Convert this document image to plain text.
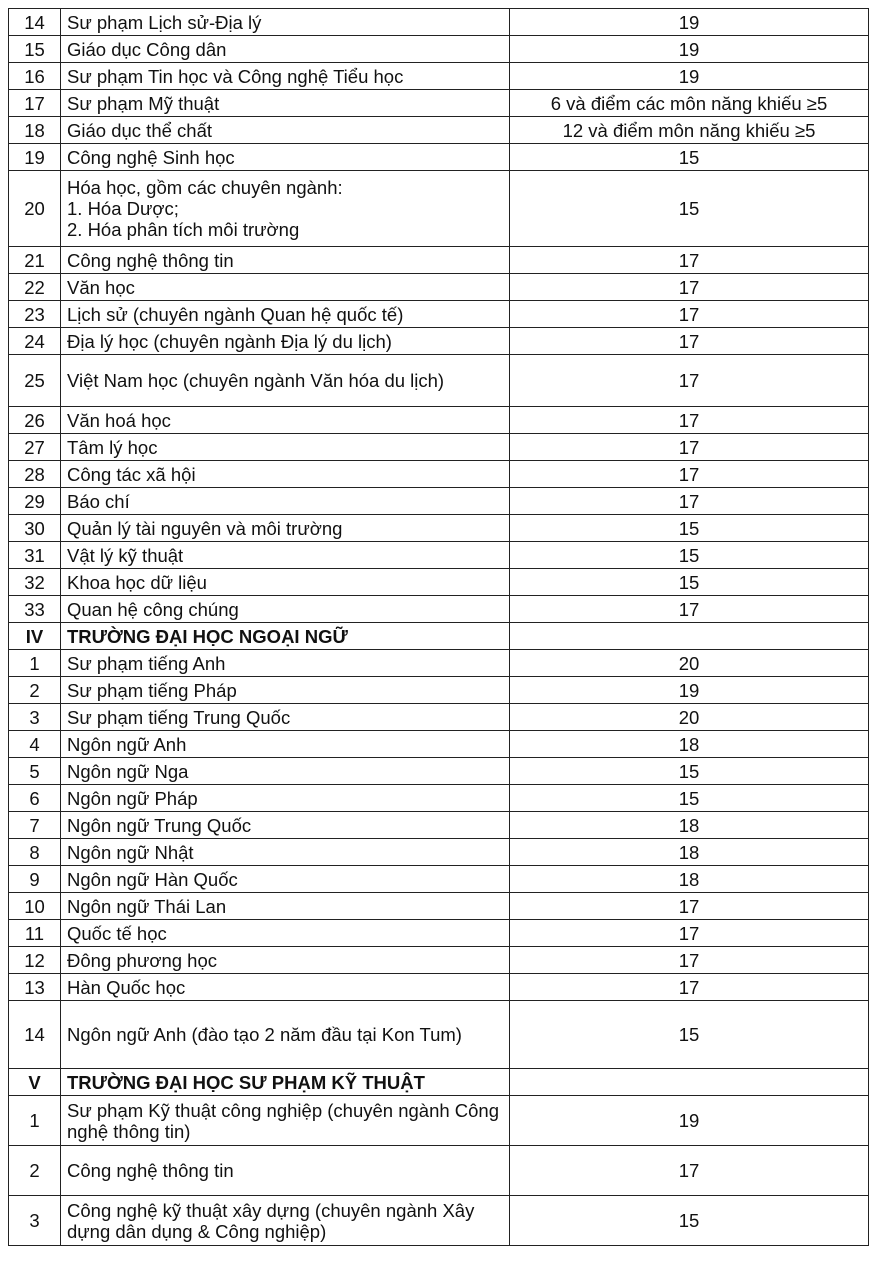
14	Sư phạm Lịch sử-Địa lý	19
15	Giáo dục Công dân	19
16	Sư phạm Tin học và Công nghệ Tiểu học	19
17	Sư phạm Mỹ thuật	6 và điểm các môn năng khiếu ≥5
18	Giáo dục thể chất	12 và điểm môn năng khiếu ≥5
19	Công nghệ Sinh học	15
20	Hóa học, gồm các chuyên ngành:
1. Hóa Dược;
2. Hóa phân tích môi trường	15
21	Công nghệ thông tin	17
22	Văn học	17
23	Lịch sử (chuyên ngành Quan hệ quốc tế)	17
24	Địa lý học (chuyên ngành Địa lý du lịch)	17
25	Việt Nam học (chuyên ngành Văn hóa du lịch)	17
26	Văn hoá học	17
27	Tâm lý học	17
28	Công tác xã hội	17
29	Báo chí	17
30	Quản lý tài nguyên và môi trường	15
31	Vật lý kỹ thuật	15
32	Khoa học dữ liệu	15
33	Quan hệ công chúng	17
IV	TRƯỜNG ĐẠI HỌC NGOẠI NGỮ	
1	Sư phạm tiếng Anh	20
2	Sư phạm tiếng Pháp	19
3	Sư phạm tiếng Trung Quốc	20
4	Ngôn ngữ Anh	18
5	Ngôn ngữ Nga	15
6	Ngôn ngữ Pháp	15
7	Ngôn ngữ Trung Quốc	18
8	Ngôn ngữ Nhật	18
9	Ngôn ngữ Hàn Quốc	18
10	Ngôn ngữ Thái Lan	17
11	Quốc tế học	17
12	Đông phương học	17
13	Hàn Quốc học	17
14	Ngôn ngữ Anh (đào tạo 2 năm đầu tại Kon Tum)	15
V	TRƯỜNG ĐẠI HỌC SƯ PHẠM KỸ THUẬT	
1	Sư phạm Kỹ thuật công nghiệp (chuyên ngành Công nghệ thông tin)	19
2	Công nghệ thông tin	17
3	Công nghệ kỹ thuật xây dựng (chuyên ngành Xây dựng dân dụng & Công nghiệp)	15
